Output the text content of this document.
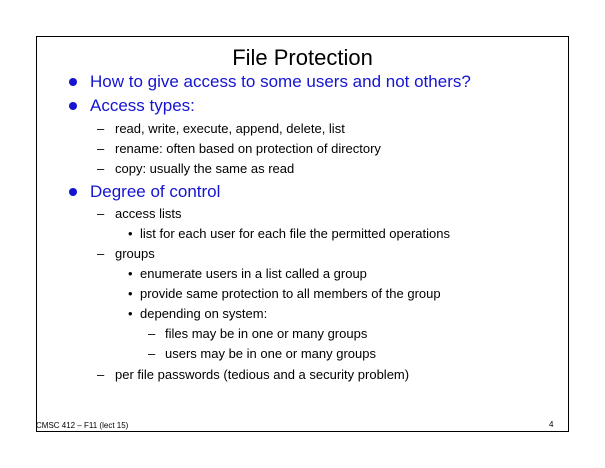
File Protection
How to give access to some users and not others?
Access types:
– read, write, execute, append, delete, list
– rename: often based on protection of directory
– copy: usually the same as read
Degree of control
– access lists
• list for each user for each file the permitted operations
– groups
• enumerate users in a list called a group
• provide same protection to all members of the group
• depending on system:
– files may be in one or many groups
– users may be in one or many groups
– per file passwords (tedious and a security problem)
CMSC 412 – F11 (lect 15)	4
